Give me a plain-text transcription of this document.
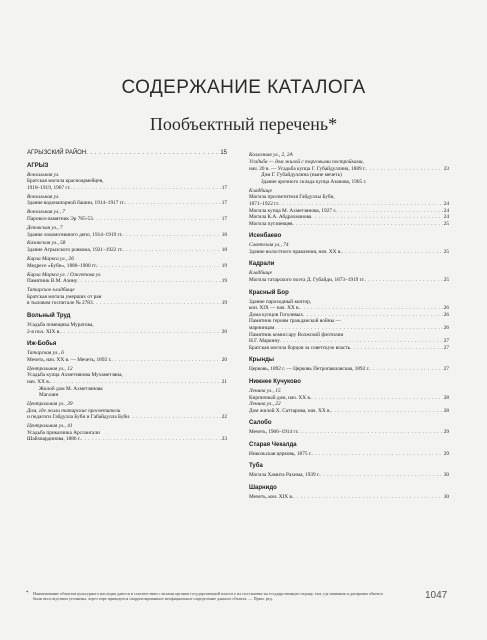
СОДЕРЖАНИЕ КАТАЛОГА
Пообъектный перечень*
АГРЫЗСКИЙ РАЙОН . . .	15
АГРЫЗ
Вокзальная ул.
Братская могила красноармейцев,
1918–1919, 1967 гг. . . .	17
Вокзальная ул.
Здание водонапорной башни, 1914–1917 гг. . . .	17
Вокзальная ул., 7
Паровоз-памятник Эр 785-53 . . .	17
Деповская ул., 7
Здание локомотивного депо, 1914–1919 гг. . . .	18
Казанская ул., 58
Здание Агрызского ровкома, 1921–1922 гг. . . .	18
Карла Маркса ул., 26
Медресе «Буби», 1880–1900 гг. . . .	19
Карла Маркса ул. / Ожгетова ул.
Памятник В.М. Азину . . .	19
Татарское кладбище
Братская могила умерших от ран
в тыловом госпитале № 2783 . . .	19
Вольный Труд
Усадьба помещика Муратова,
2-я пол. XIX в. . . .	20
Иж-Бобья
Татарская ул., 6
Мечеть, нач. XX в. — Мечеть, 1892 г. . . .	20
Центральная ул., 12
Усадьба купца Ахметзянова Мухаметзяна,
нач. XX в. . . .	21
Жилой дом М. Ахметзянова
Магазин
Центральная ул., 39
Дом, где жили татарские просветители
и педагоги Габдулла Буби и Габайдулла Буби . . .	22
Центральная ул., 41
Усадьба приказчика Арслангали
Шайхвардинова, 1886 г. . . .	23
Колхозная ул., 2, 2А
Усадьба — дом жилой с торговыми постройками,
нач. 20 в. — Усадьба купца Г. Губайдуллина, 1889 г. . . .	23
Дом Г. Губайдуллина (ныне мечеть)
Здание арочного склада купца Азанова, 1905 г.
Кладбище
Могила просветителя Габдуллы Буби,
1871–1922 гг. . . .	24
Могила купца М. Ахметзянова, 1927 г. . . .	24
Могила К.А. Абдрахманова . . .	24
Могила пугачевцев . . .	25
Исенбаево
Советская ул., 74
Здание волостного правления, нач. XX в. . . .	25
Кадрали
Кладбище
Могила татарского поэта Д. Губайди, 1873–1919 гг. . . .	25
Красный Бор
Здание пароходный контор,
кон. XIX — нач. XX в. . . .	26
Дома купцов Гоголевых . . .	26
Памятник героям гражданской войны —
марииицам . . .	26
Памятник комиссару Волжской флотилии
Н.Г. Маркину . . .	27
Братская могила борцов за советскую власть . . .	27
Крынды
Церковь, 1892 г. — Церковь Петропавловская, 1892 г. . . .	27
Нижнее Кучуково
Ленина ул., 15
Кирпичный дом, нач. XX в. . . .	28
Ленина ул., 22
Дом жилой Х. Саттарова, нач. XX в. . . .	28
Салобо
Мечеть, 1906–1914 гг. . . .	29
Старая Чекалда
Никольская церковь, 1875 г. . . .	29
Туба
Могила Хамита Рахима, 1939 г. . . .	30
Шарнидо
Мечеть, кон. XIX в. . . .	30
* Наименование объектов культурного наследия даются в соответствии с актами органов государственной власти о их постановке на государственную охрану, там, где названия и датировка объекта были впоследствии уточнены, через тире приводится скорректированное неофициальное определение данного объекта. — Прим. ред.	1047
